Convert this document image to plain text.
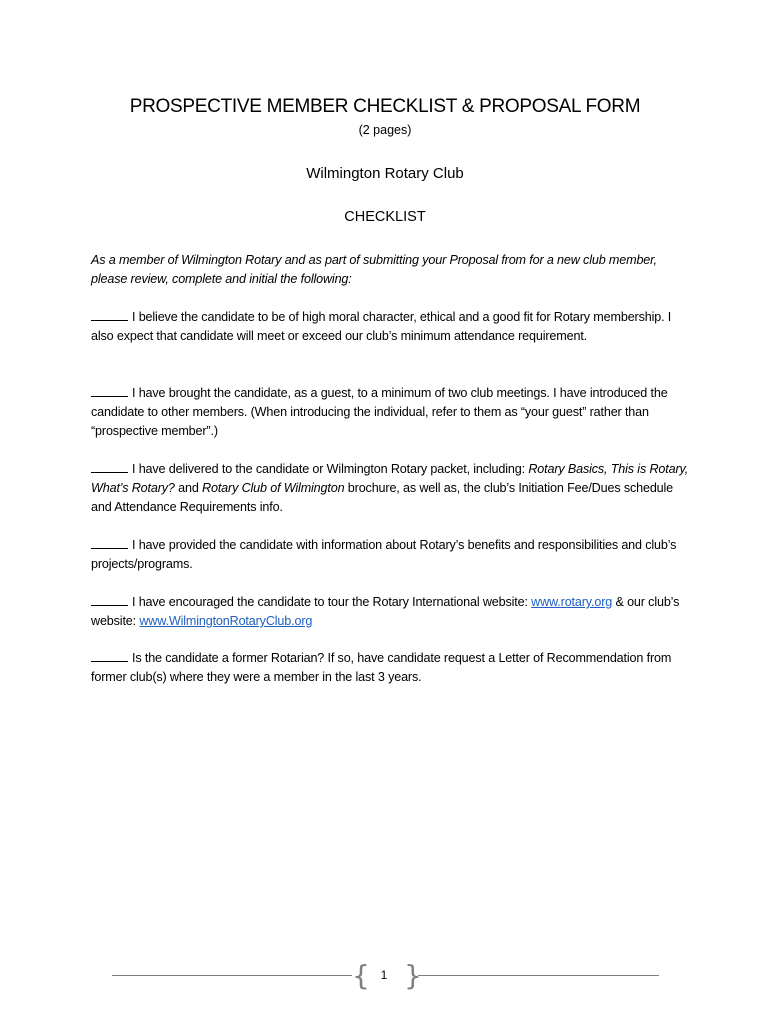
PROSPECTIVE MEMBER CHECKLIST & PROPOSAL FORM
(2 pages)
Wilmington Rotary Club
CHECKLIST
As a member of Wilmington Rotary and as part of submitting your Proposal from for a new club member, please review, complete and initial the following:
I believe the candidate to be of high moral character, ethical and a good fit for Rotary membership. I also expect that candidate will meet or exceed our club’s minimum attendance requirement.
I have brought the candidate, as a guest, to a minimum of two club meetings. I have introduced the candidate to other members. (When introducing the individual, refer to them as “your guest” rather than “prospective member”.)
I have delivered to the candidate or Wilmington Rotary packet, including: Rotary Basics, This is Rotary, What’s Rotary? and Rotary Club of Wilmington brochure, as well as, the club’s Initiation Fee/Dues schedule and Attendance Requirements info.
I have provided the candidate with information about Rotary’s benefits and responsibilities and club’s projects/programs.
I have encouraged the candidate to tour the Rotary International website: www.rotary.org & our club’s website: www.WilmingtonRotaryClub.org
Is the candidate a former Rotarian? If so, have candidate request a Letter of Recommendation from former club(s) where they were a member in the last 3 years.
{ }
1
